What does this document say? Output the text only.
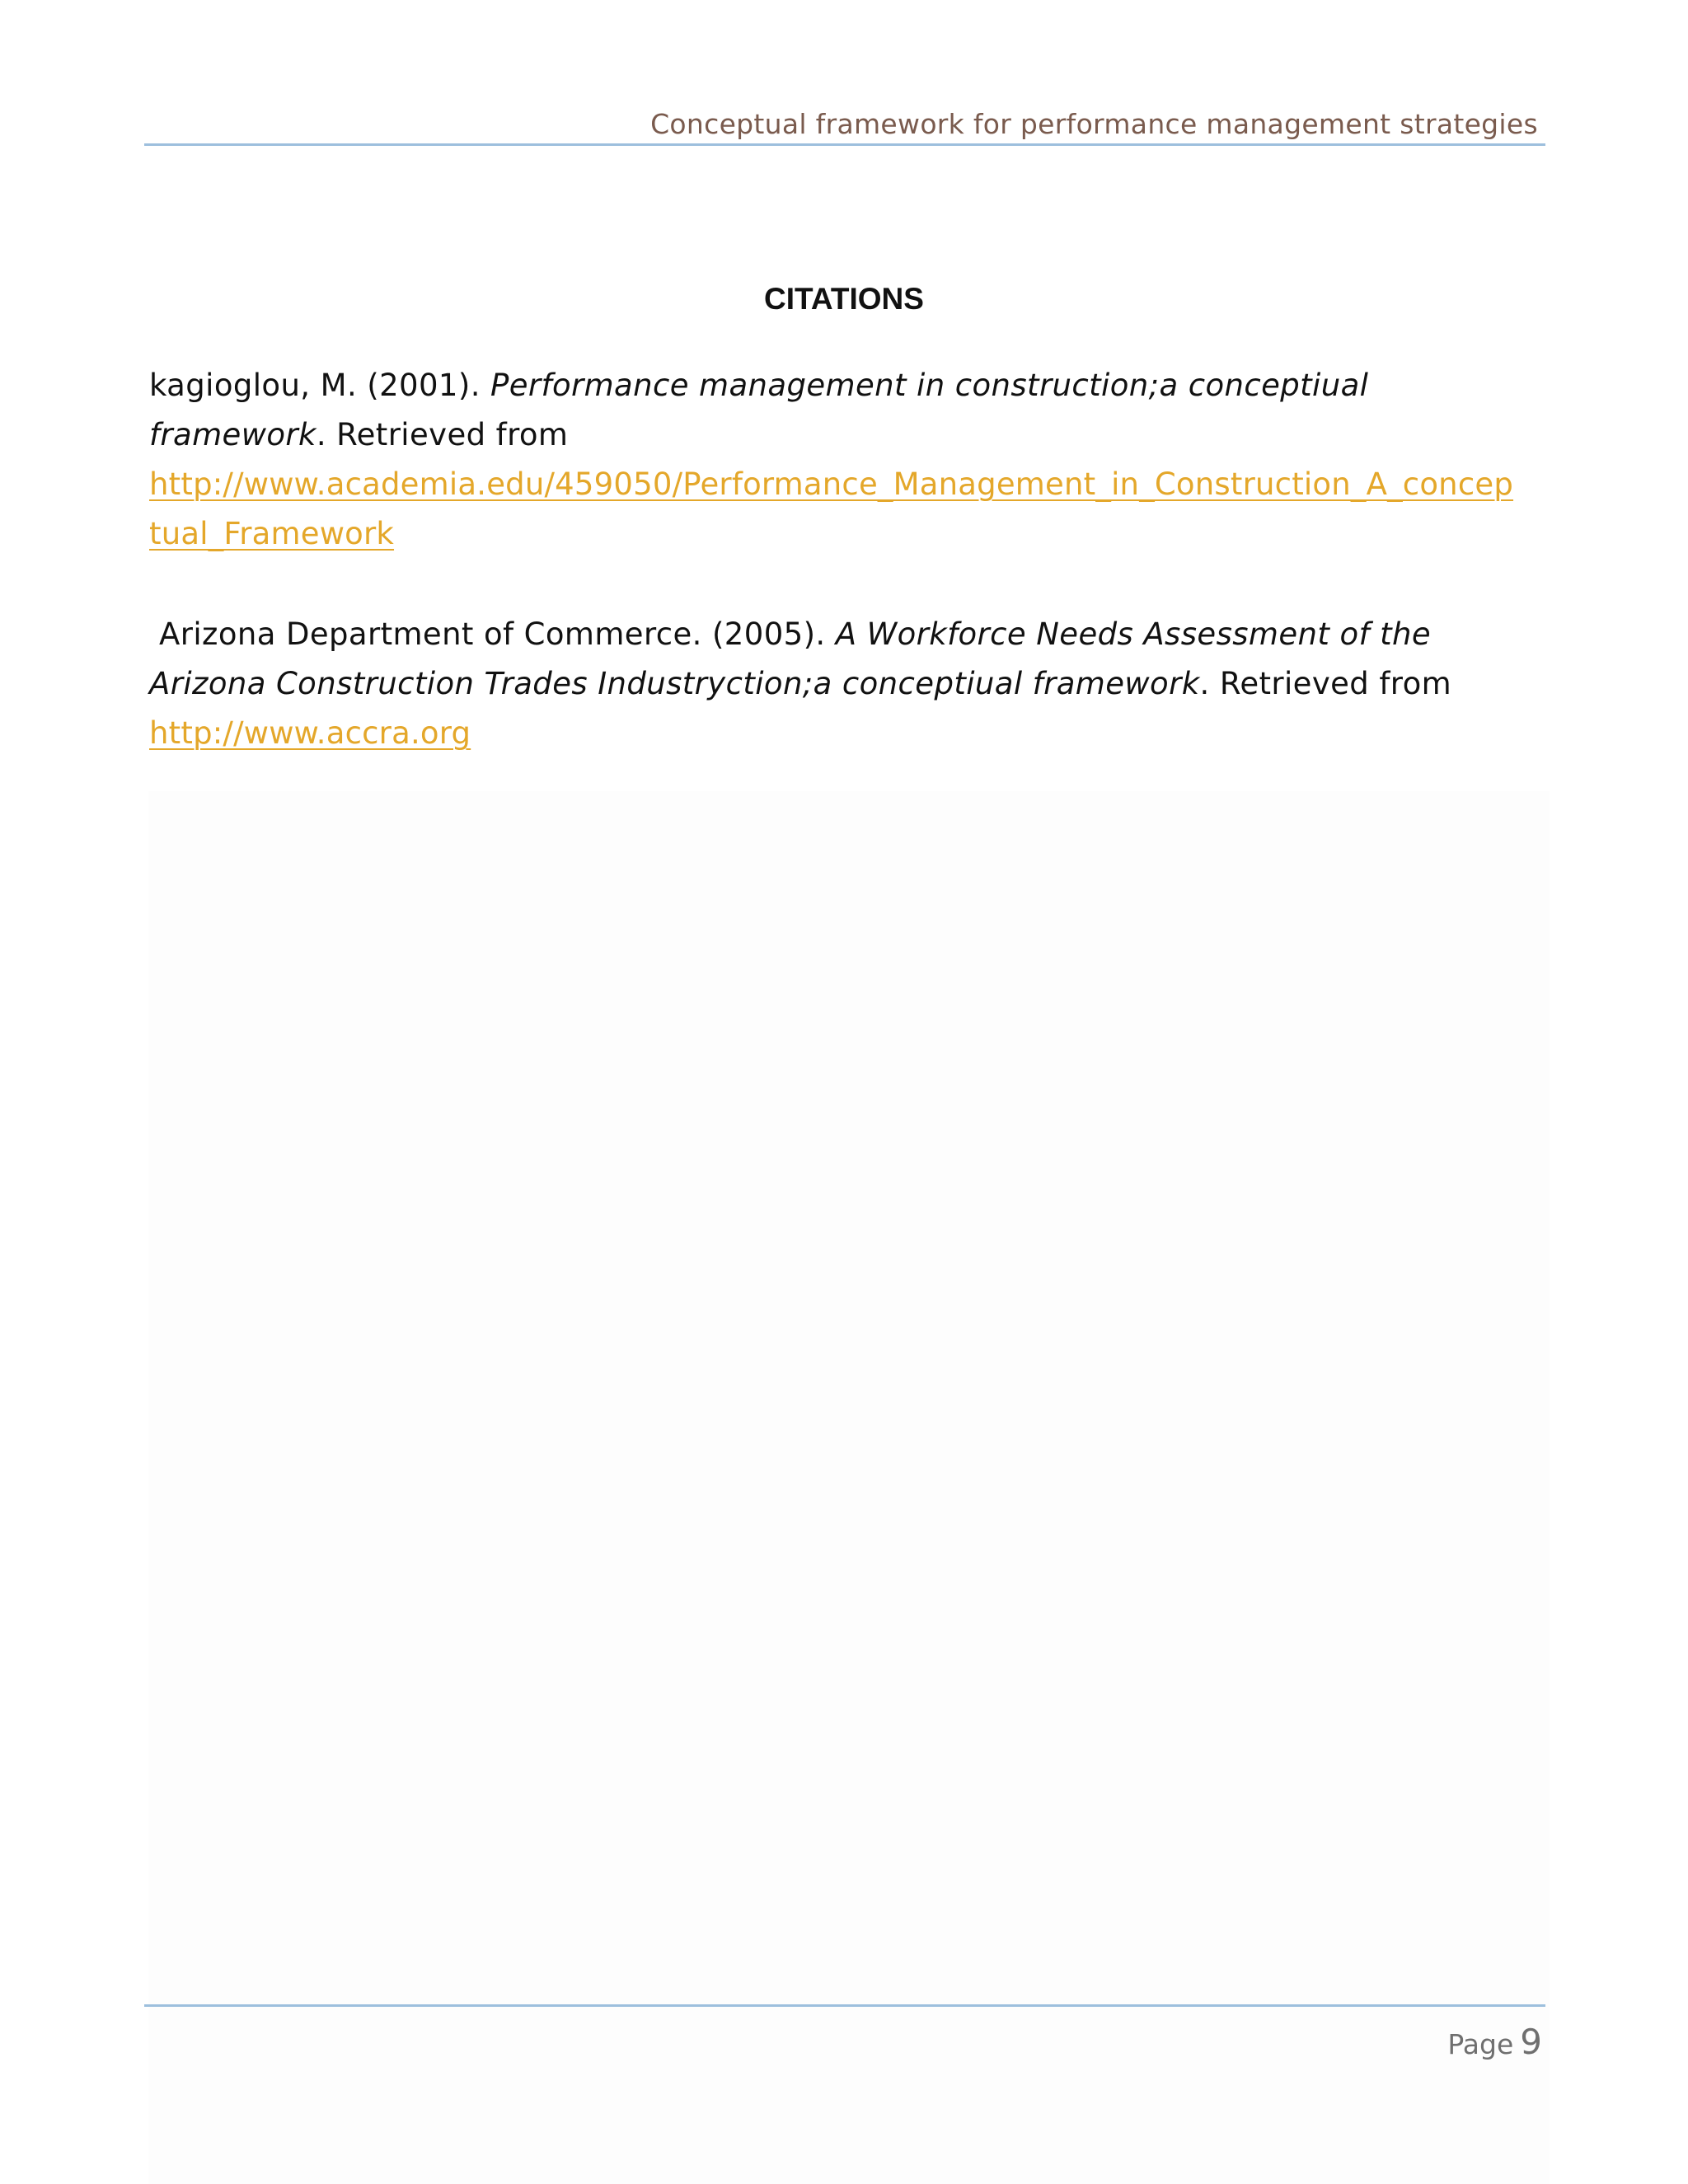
Conceptual framework for performance management strategies
CITATIONS
kagioglou, M. (2001). Performance management in construction;a conceptiual
framework. Retrieved from
http://www.academia.edu/459050/Performance_Management_in_Construction_A_concep
tual_Framework
Arizona Department of Commerce. (2005). A Workforce Needs Assessment of the
Arizona Construction Trades Industryction;a conceptiual framework. Retrieved from
http://www.accra.org
Page 9
